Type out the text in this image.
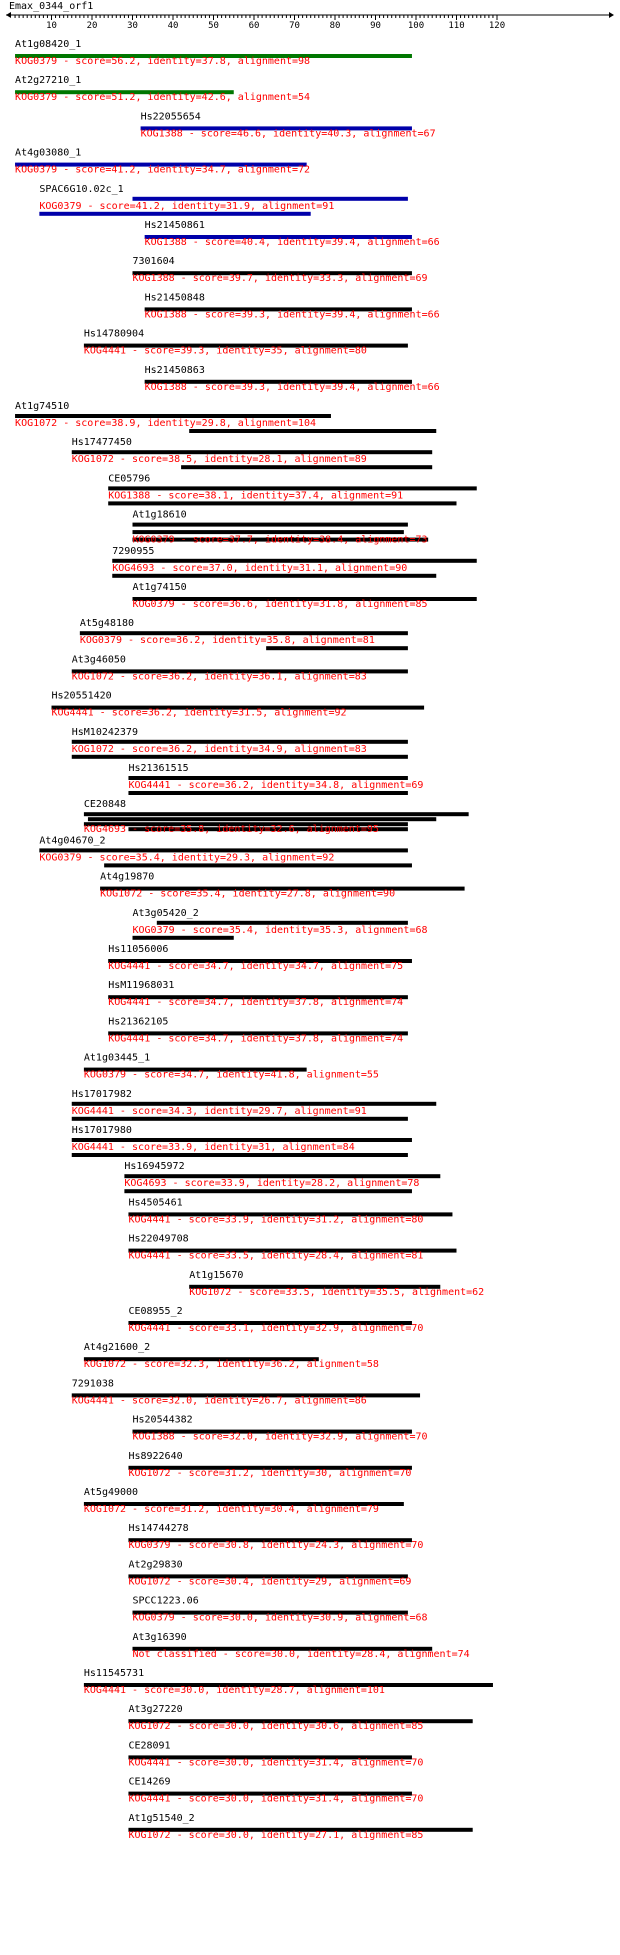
Emax_0344_orf1
10	20	30	40	50	60	70	80	90	100	110	120
At1g08420_1
KOG0379 - score=56.2, identity=37.8, alignment=98
At2g27210_1
KOG0379 - score=51.2, identity=42.6, alignment=54
Hs22055654
KOG1388 - score=46.6, identity=40.3, alignment=67
At4g03080_1
KOG0379 - score=41.2, identity=34.7, alignment=72
SPAC6G10.02c_1
KOG0379 - score=41.2, identity=31.9, alignment=91
Hs21450861
KOG1388 - score=40.4, identity=39.4, alignment=66
7301604
KOG1388 - score=39.7, identity=33.3, alignment=69
Hs21450848
KOG1388 - score=39.3, identity=39.4, alignment=66
Hs14780904
KOG4441 - score=39.3, identity=35, alignment=80
Hs21450863
KOG1388 - score=39.3, identity=39.4, alignment=66
At1g74510
KOG1072 - score=38.9, identity=29.8, alignment=104
Hs17477450
KOG1072 - score=38.5, identity=28.1, alignment=89
CE05796
KOG1388 - score=38.1, identity=37.4, alignment=91
At1g18610
KOG0379 - score=37.7, identity=38.4, alignment=73
7290955
KOG4693 - score=37.0, identity=31.1, alignment=90
At1g74150
KOG0379 - score=36.6, identity=31.8, alignment=85
At5g48180
KOG0379 - score=36.2, identity=35.8, alignment=81
At3g46050
KOG1072 - score=36.2, identity=36.1, alignment=83
Hs20551420
KOG4441 - score=36.2, identity=31.5, alignment=92
HsM10242379
KOG1072 - score=36.2, identity=34.9, alignment=83
Hs21361515
KOG4441 - score=36.2, identity=34.8, alignment=69
CE20848
KOG4693 - score=35.8, identity=32.6, alignment=95
At4g04670_2
KOG0379 - score=35.4, identity=29.3, alignment=92
At4g19870
KOG1072 - score=35.4, identity=27.8, alignment=90
At3g05420_2
KOG0379 - score=35.4, identity=35.3, alignment=68
Hs11056006
KOG4441 - score=34.7, identity=34.7, alignment=75
HsM11968031
KOG4441 - score=34.7, identity=37.8, alignment=74
Hs21362105
KOG4441 - score=34.7, identity=37.8, alignment=74
At1g03445_1
KOG0379 - score=34.7, identity=41.8, alignment=55
Hs17017982
KOG4441 - score=34.3, identity=29.7, alignment=91
Hs17017980
KOG4441 - score=33.9, identity=31, alignment=84
Hs16945972
KOG4693 - score=33.9, identity=28.2, alignment=78
Hs4505461
KOG4441 - score=33.9, identity=31.2, alignment=80
Hs22049708
KOG4441 - score=33.5, identity=28.4, alignment=81
At1g15670
KOG1072 - score=33.5, identity=35.5, alignment=62
CE08955_2
KOG4441 - score=33.1, identity=32.9, alignment=70
At4g21600_2
KOG1072 - score=32.3, identity=36.2, alignment=58
7291038
KOG4441 - score=32.0, identity=26.7, alignment=86
Hs20544382
KOG1388 - score=32.0, identity=32.9, alignment=70
Hs8922640
KOG1072 - score=31.2, identity=30, alignment=70
At5g49000
KOG1072 - score=31.2, identity=30.4, alignment=79
Hs14744278
KOG0379 - score=30.8, identity=24.3, alignment=70
At2g29830
KOG1072 - score=30.4, identity=29, alignment=69
SPCC1223.06
KOG0379 - score=30.0, identity=30.9, alignment=68
At3g16390
Not classified - score=30.0, identity=28.4, alignment=74
Hs11545731
KOG4441 - score=30.0, identity=28.7, alignment=101
At3g27220
KOG1072 - score=30.0, identity=30.6, alignment=85
CE28091
KOG4441 - score=30.0, identity=31.4, alignment=70
CE14269
KOG4441 - score=30.0, identity=31.4, alignment=70
At1g51540_2
KOG1072 - score=30.0, identity=27.1, alignment=85
